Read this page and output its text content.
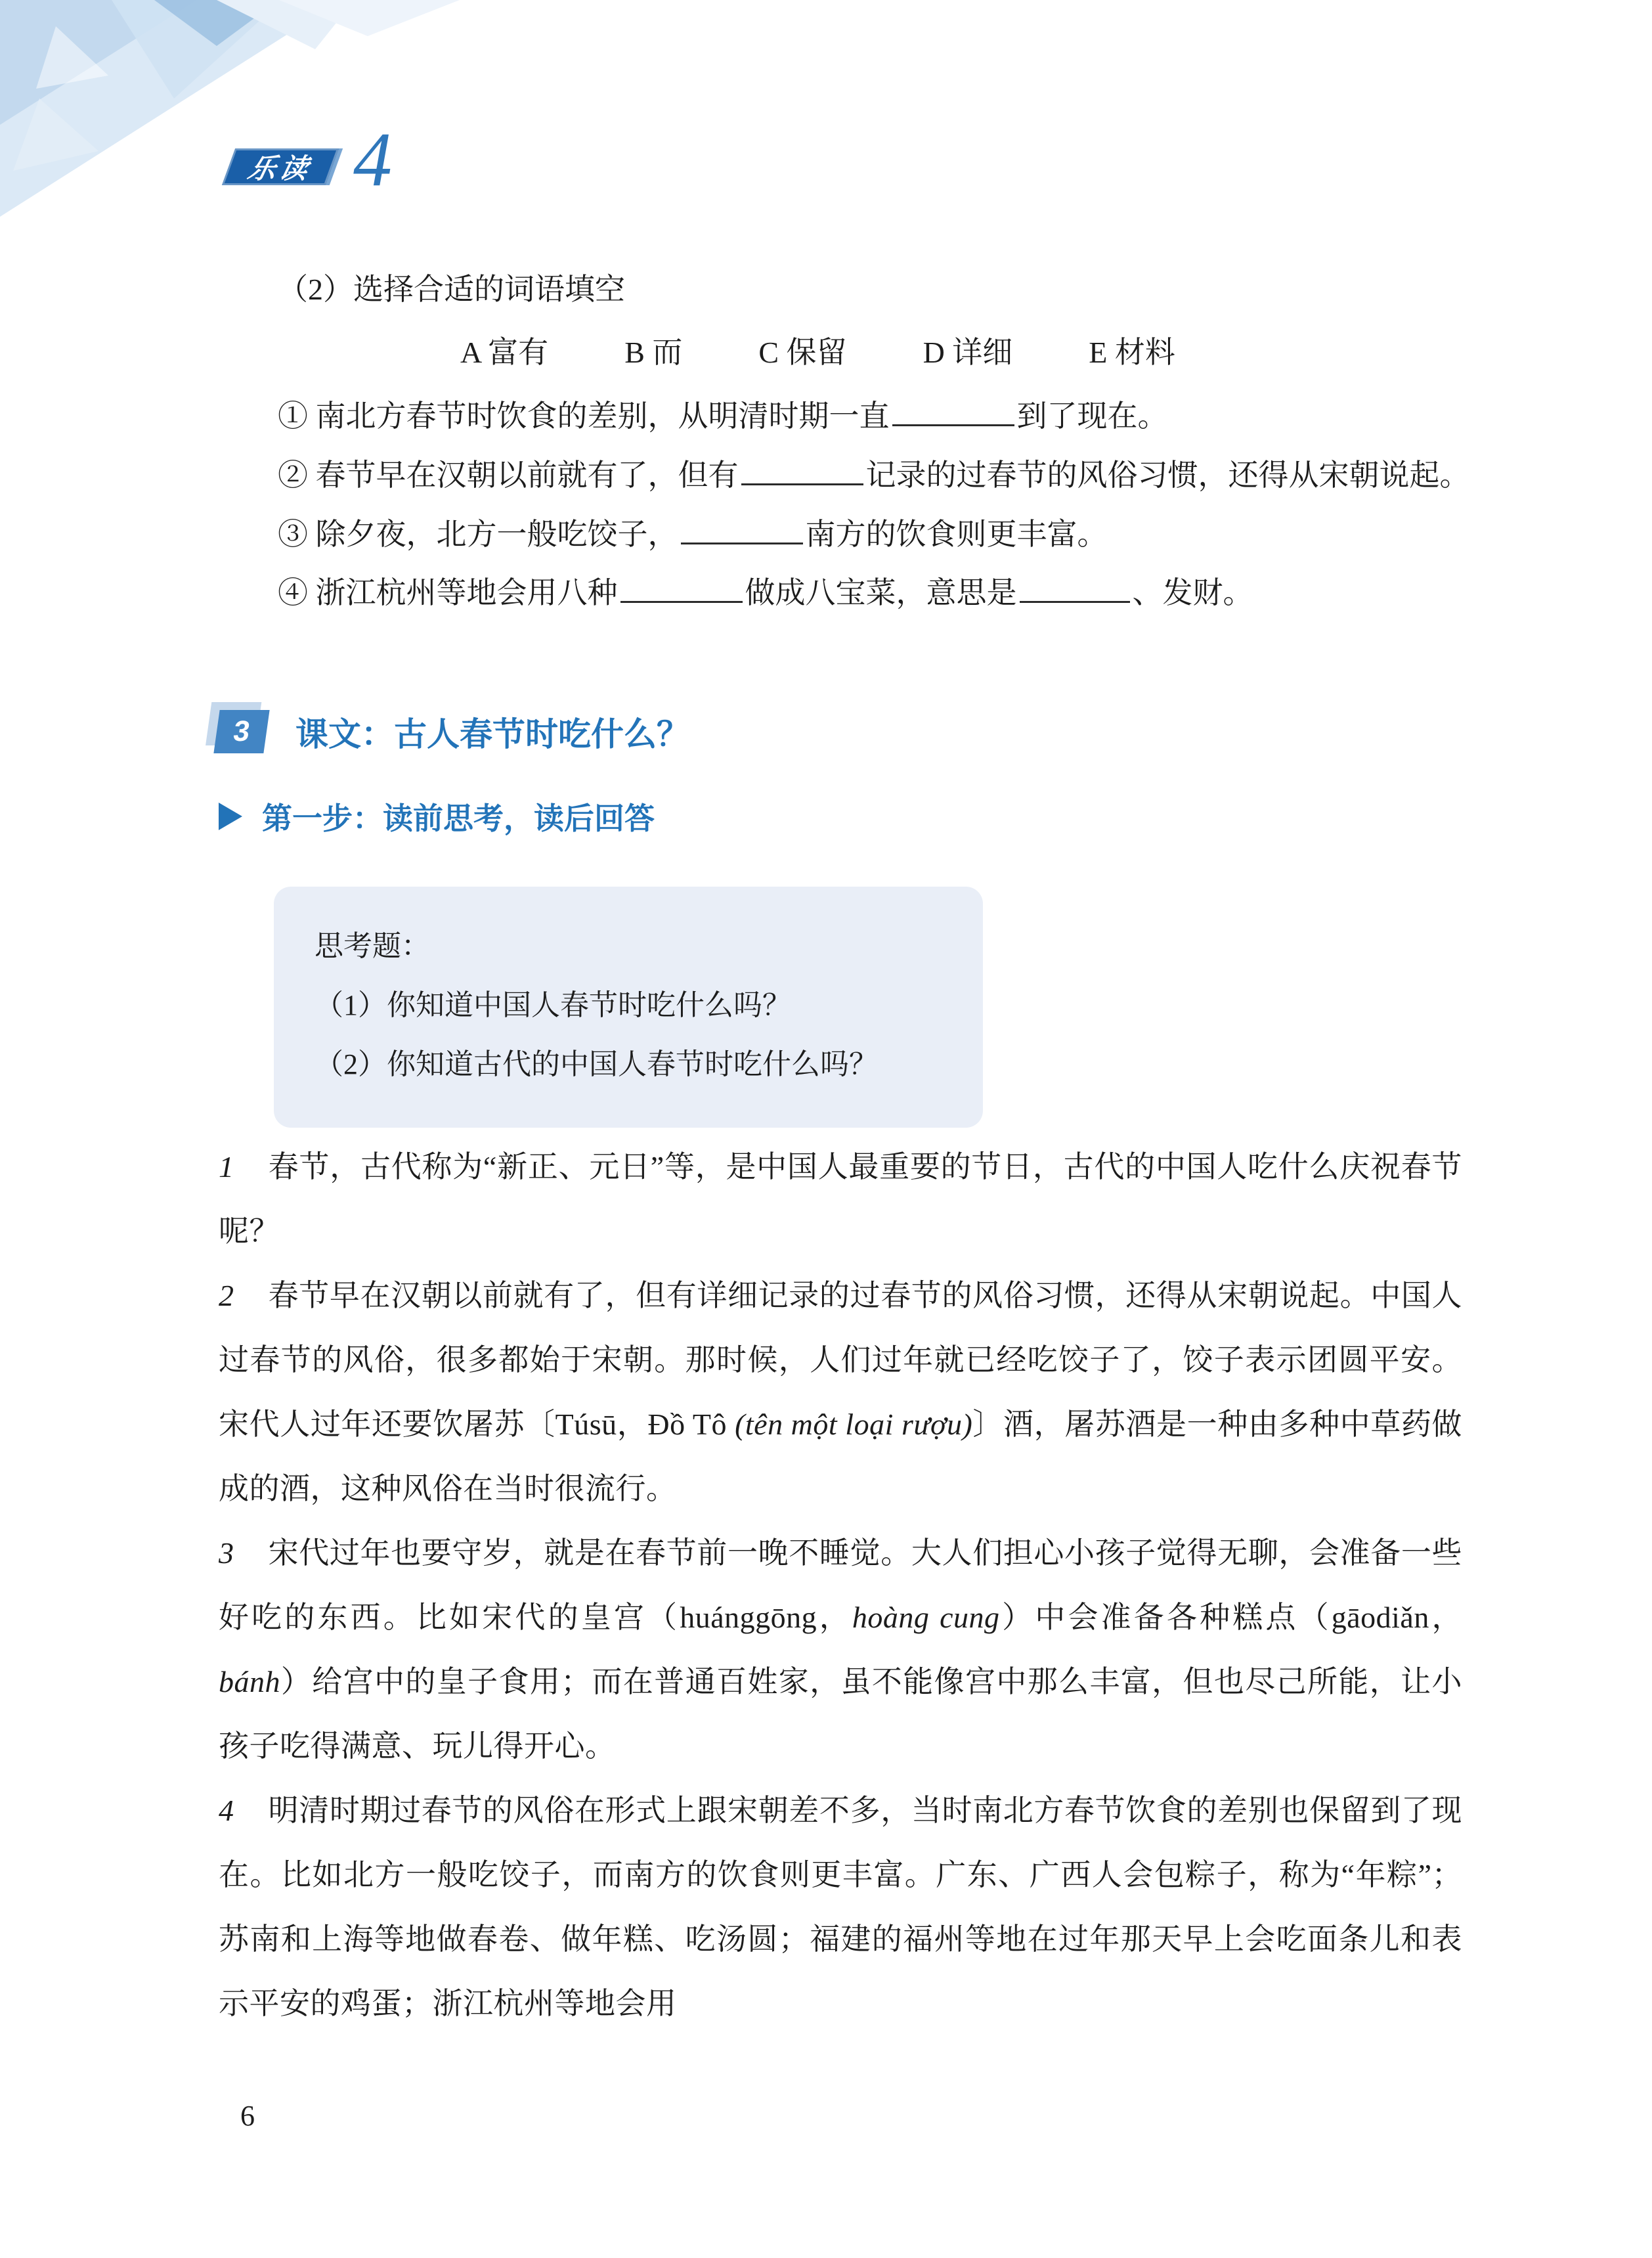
乐读 4
（2）选择合适的词语填空
A 富有	B 而	C 保留	D 详细	E 材料
① 南北方春节时饮食的差别，从明清时期一直	到了现在。
② 春节早在汉朝以前就有了，但有	记录的过春节的风俗习惯，还得从宋朝说起。
③ 除夕夜，北方一般吃饺子，	南方的饮食则更丰富。
④ 浙江杭州等地会用八种	做成八宝菜，意思是	、发财。
3	课文：古人春节时吃什么？
第一步：读前思考，读后回答
思考题：
（1）你知道中国人春节时吃什么吗？
（2）你知道古代的中国人春节时吃什么吗？

1 春节，古代称为“新正、元日”等，是中国人最重要的节日，古代的中国人吃什么庆祝春节呢？

2 春节早在汉朝以前就有了，但有详细记录的过春节的风俗习惯，还得从宋朝说起。中国人过春节的风俗，很多都始于宋朝。那时候，人们过年就已经吃饺子了，饺子表示团圆平安。宋代人过年还要饮屠苏〔Túsū，Đồ Tô (tên một loại rượu)〕酒，屠苏酒是一种由多种中草药做成的酒，这种风俗在当时很流行。

3 宋代过年也要守岁，就是在春节前一晚不睡觉。大人们担心小孩子觉得无聊，会准备一些好吃的东西。比如宋代的皇宫（huánggōng，hoàng cung）中会准备各种糕点（gāodiǎn，bánh）给宫中的皇子食用；而在普通百姓家，虽不能像宫中那么丰富，但也尽己所能，让小孩子吃得满意、玩儿得开心。

4 明清时期过春节的风俗在形式上跟宋朝差不多，当时南北方春节饮食的差别也保留到了现在。比如北方一般吃饺子，而南方的饮食则更丰富。广东、广西人会包粽子，称为“年粽”；苏南和上海等地做春卷、做年糕、吃汤圆；福建的福州等地在过年那天早上会吃面条儿和表示平安的鸡蛋；浙江杭州等地会用

6
